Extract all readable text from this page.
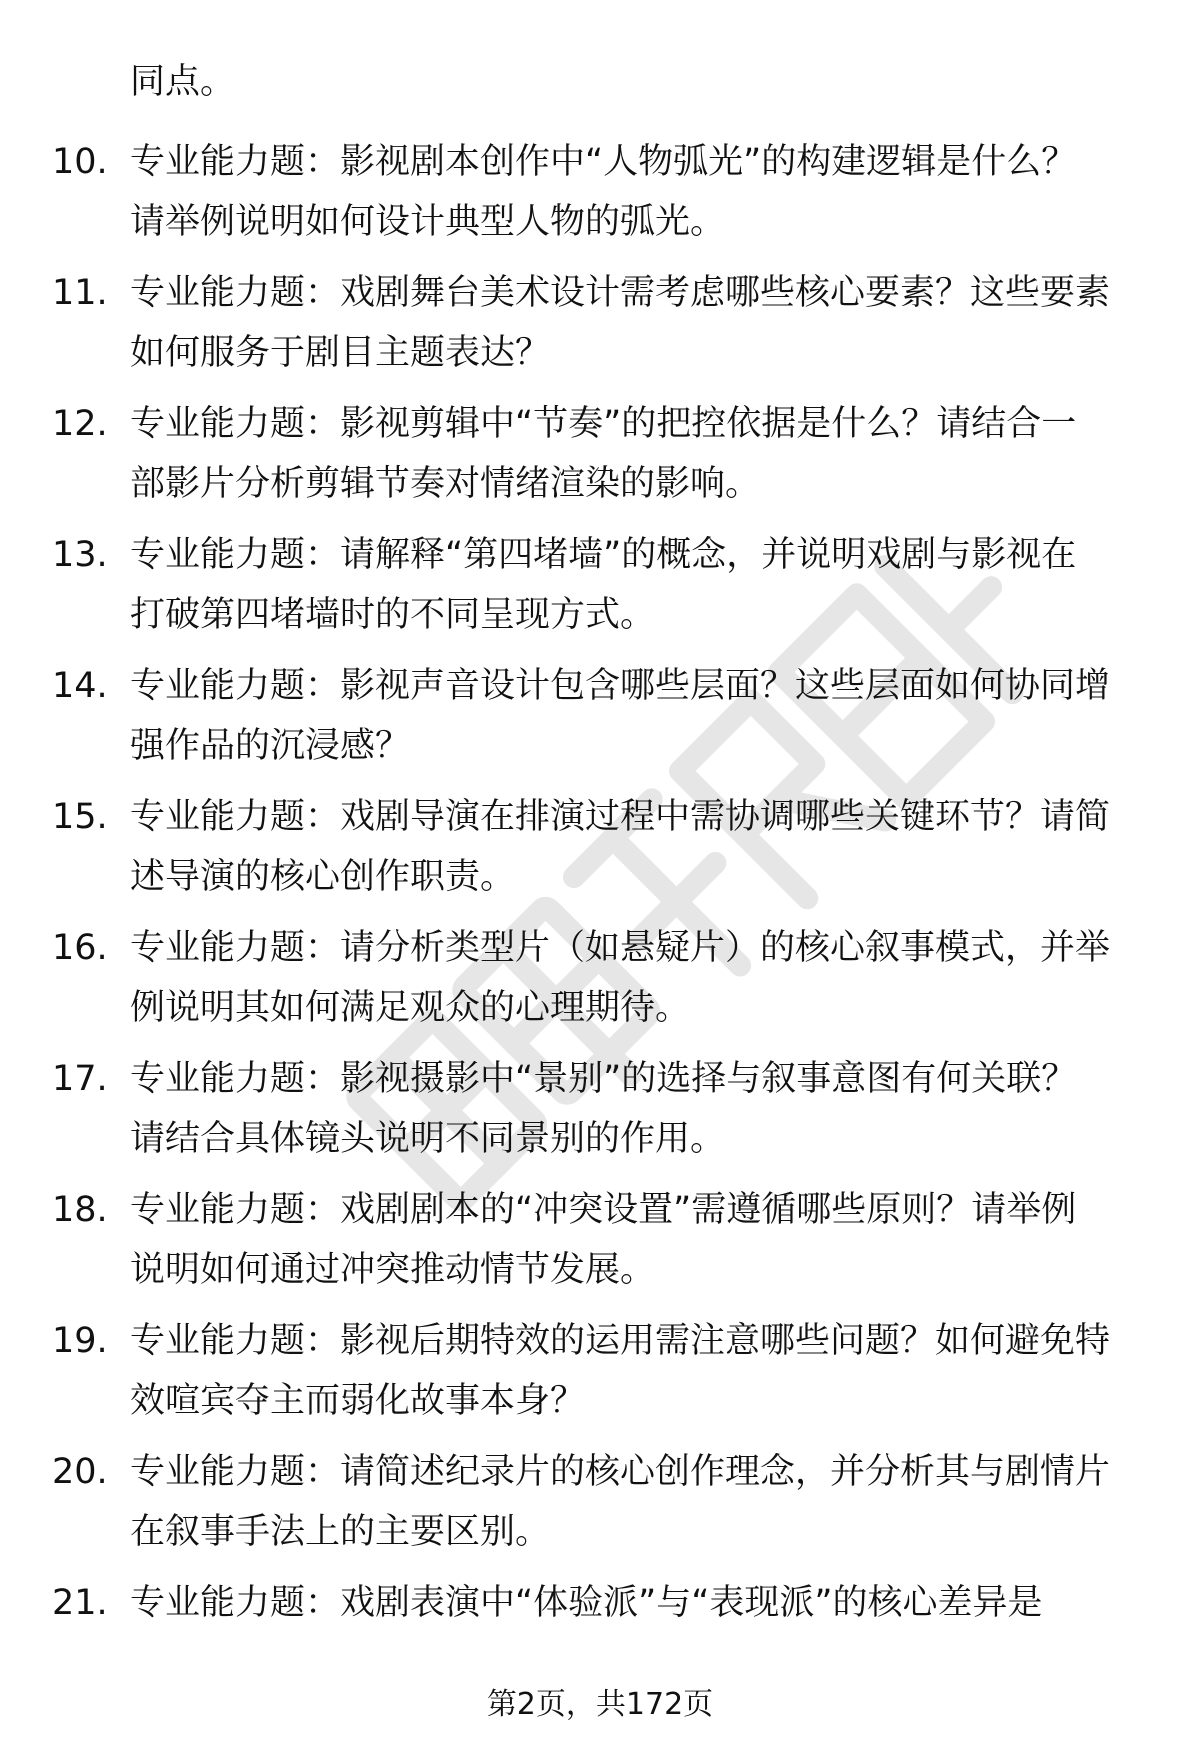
同点。
10. 专业能力题：影视剧本创作中“人物弧光”的构建逻辑是什么？
请举例说明如何设计典型人物的弧光。
11. 专业能力题：戏剧舞台美术设计需考虑哪些核心要素？这些要素
如何服务于剧目主题表达？
12. 专业能力题：影视剪辑中“节奏”的把控依据是什么？请结合一
部影片分析剪辑节奏对情绪渲染的影响。
13. 专业能力题：请解释“第四堵墙”的概念，并说明戏剧与影视在
打破第四堵墙时的不同呈现方式。
14. 专业能力题：影视声音设计包含哪些层面？这些层面如何协同增
强作品的沉浸感？
15. 专业能力题：戏剧导演在排演过程中需协调哪些关键环节？请简
述导演的核心创作职责。
16. 专业能力题：请分析类型片（如悬疑片）的核心叙事模式，并举
例说明其如何满足观众的心理期待。
17. 专业能力题：影视摄影中“景别”的选择与叙事意图有何关联？
请结合具体镜头说明不同景别的作用。
18. 专业能力题：戏剧剧本的“冲突设置”需遵循哪些原则？请举例
说明如何通过冲突推动情节发展。
19. 专业能力题：影视后期特效的运用需注意哪些问题？如何避免特
效喧宾夺主而弱化故事本身？
20. 专业能力题：请简述纪录片的核心创作理念，并分析其与剧情片
在叙事手法上的主要区别。
21. 专业能力题：戏剧表演中“体验派”与“表现派”的核心差异是
第2页，共172页
